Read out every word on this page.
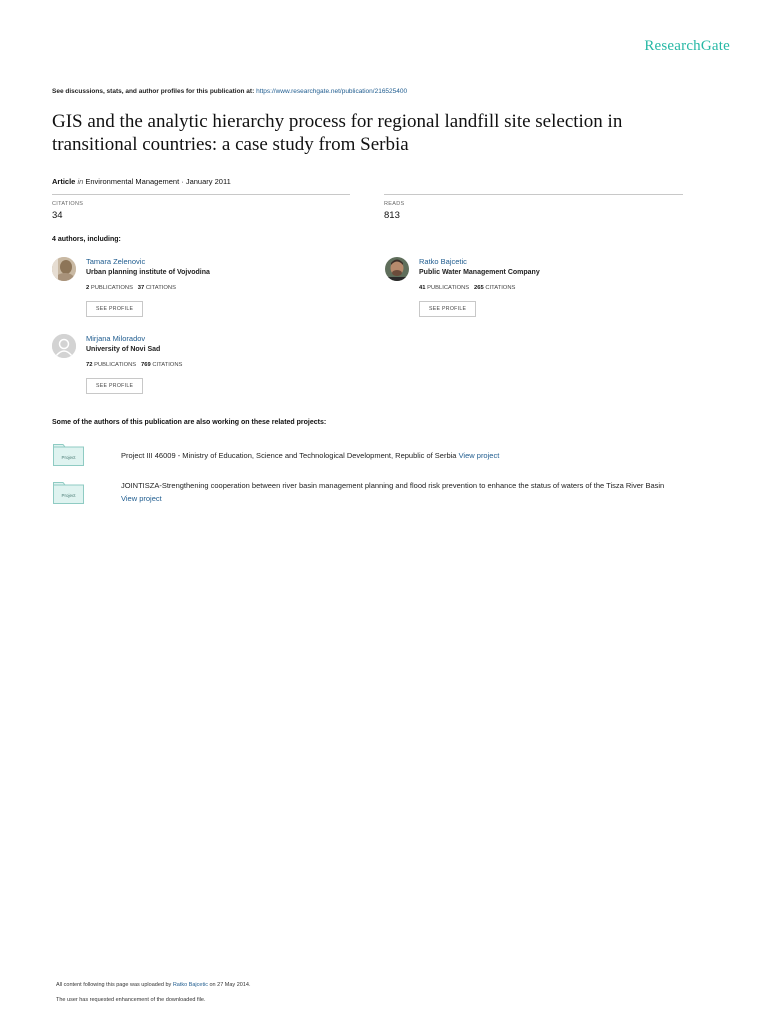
ResearchGate
See discussions, stats, and author profiles for this publication at: https://www.researchgate.net/publication/216525400
GIS and the analytic hierarchy process for regional landfill site selection in transitional countries: a case study from Serbia
Article in Environmental Management · January 2011
CITATIONS
34
READS
813
4 authors, including:
Tamara Zelenovic
Urban planning institute of Vojvodina
2 PUBLICATIONS 37 CITATIONS
SEE PROFILE
Ratko Bajcetic
Public Water Management Company
41 PUBLICATIONS 265 CITATIONS
SEE PROFILE
Mirjana Miloradov
University of Novi Sad
72 PUBLICATIONS 769 CITATIONS
SEE PROFILE
Some of the authors of this publication are also working on these related projects:
Project	Project III 46009 - Ministry of Education, Science and Technological Development, Republic of Serbia View project
Project
JOINTISZA-Strengthening cooperation between river basin management planning and flood risk prevention to enhance the status of waters of the Tisza River Basin
View project
All content following this page was uploaded by Ratko Bajcetic on 27 May 2014.
The user has requested enhancement of the downloaded file.
